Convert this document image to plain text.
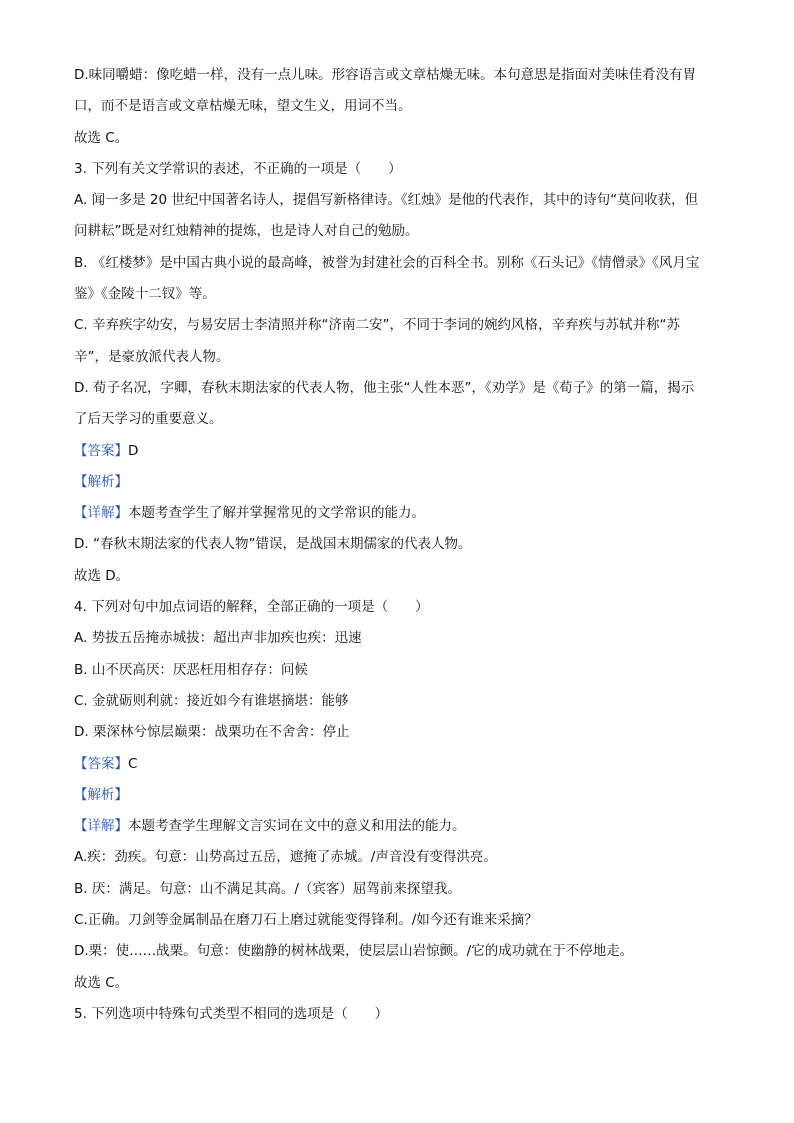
D.味同嚼蜡：像吃蜡一样，没有一点儿味。形容语言或文章枯燥无味。本句意思是指面对美味佳肴没有胃
口，而不是语言或文章枯燥无味，望文生义，用词不当。
故选 C。
3. 下列有关文学常识的表述，不正确的一项是（　　）
A. 闻一多是 20 世纪中国著名诗人，提倡写新格律诗。《红烛》是他的代表作，其中的诗句“莫问收获，但
问耕耘”既是对红烛精神的提炼，也是诗人对自己的勉励。
B. 《红楼梦》是中国古典小说的最高峰，被誉为封建社会的百科全书。别称《石头记》《情僧录》《风月宝
鉴》《金陵十二钗》等。
C. 辛弃疾字幼安，与易安居士李清照并称“济南二安”，不同于李词的婉约风格，辛弃疾与苏轼并称“苏
辛”，是豪放派代表人物。
D. 荀子名况，字卿，春秋末期法家的代表人物，他主张“人性本恶”，《劝学》是《荀子》的第一篇，揭示
了后天学习的重要意义。
【答案】D
【解析】
【详解】本题考查学生了解并掌握常见的文学常识的能力。
D. “春秋末期法家的代表人物”错误，是战国末期儒家的代表人物。
故选 D。
4. 下列对句中加点词语的解释，全部正确的一项是（　　）
A. 势拔五岳掩赤城拔：超出声非加疾也疾：迅速
B. 山不厌高厌：厌恶枉用相存存：问候
C. 金就砺则利就：接近如今有谁堪摘堪：能够
D. 栗深林兮惊层巅栗：战栗功在不舍舍：停止
【答案】C
【解析】
【详解】本题考查学生理解文言实词在文中的意义和用法的能力。
A.疾：劲疾。句意：山势高过五岳，遮掩了赤城。/声音没有变得洪亮。
B. 厌：满足。句意：山不满足其高。/（宾客）屈驾前来探望我。
C.正确。刀剑等金属制品在磨刀石上磨过就能变得锋利。/如今还有谁来采摘？
D.栗：使……战栗。句意：使幽静的树林战栗，使层层山岩惊颤。/它的成功就在于不停地走。
故选 C。
5. 下列选项中特殊句式类型不相同的选项是（　　）
